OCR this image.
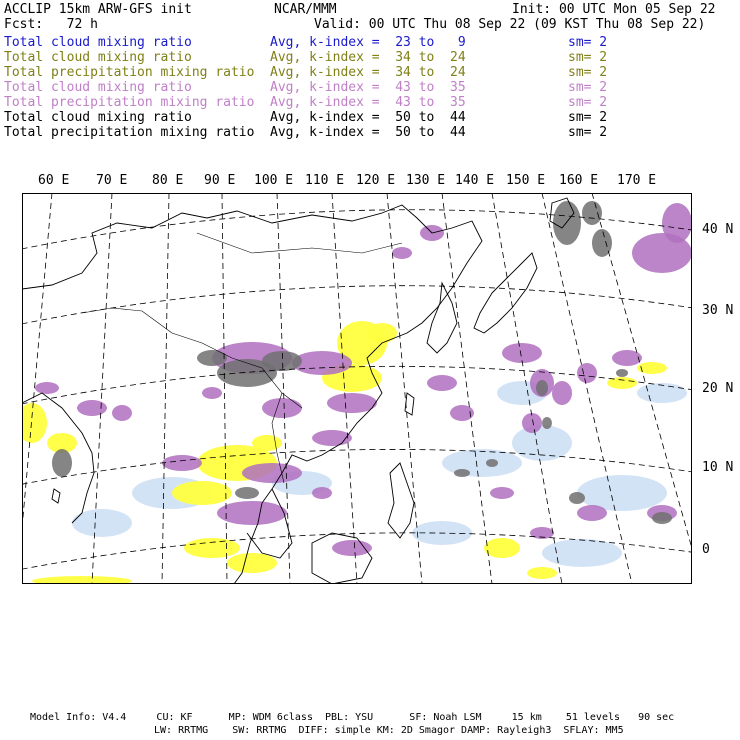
ACCLIP 15km ARW-GFS init	NCAR/MMM	Init: 00 UTC Mon 05 Sep 22
Fcst:   72 h	Valid: 00 UTC Thu 08 Sep 22 (09 KST Thu 08 Sep 22)
Total cloud mixing ratio	Avg, k-index =  23 to   9	sm= 2
Total cloud mixing ratio	Avg, k-index =  34 to  24	sm= 2
Total precipitation mixing ratio Avg, k-index =  34 to  24	sm= 2
Total cloud mixing ratio	Avg, k-index =  43 to  35	sm= 2
Total precipitation mixing ratio Avg, k-index =  43 to  35	sm= 2
Total cloud mixing ratio	Avg, k-index =  50 to  44	sm= 2
Total precipitation mixing ratio Avg, k-index =  50 to  44	sm= 2
60 E 70 E 80 E 90 E 100 E 110 E 120 E 130 E 140 E 150 E 160 E 170 E
40 N
30 N
20 N
10 N
0
Model Info: V4.4     CU: KF      MP: WDM 6class  PBL: YSU      SF: Noah LSM     15 km    51 levels   90 sec
LW: RRTMG    SW: RRTMG  DIFF: simple KM: 2D Smagor DAMP: Rayleigh3  SFLAY: MM5
